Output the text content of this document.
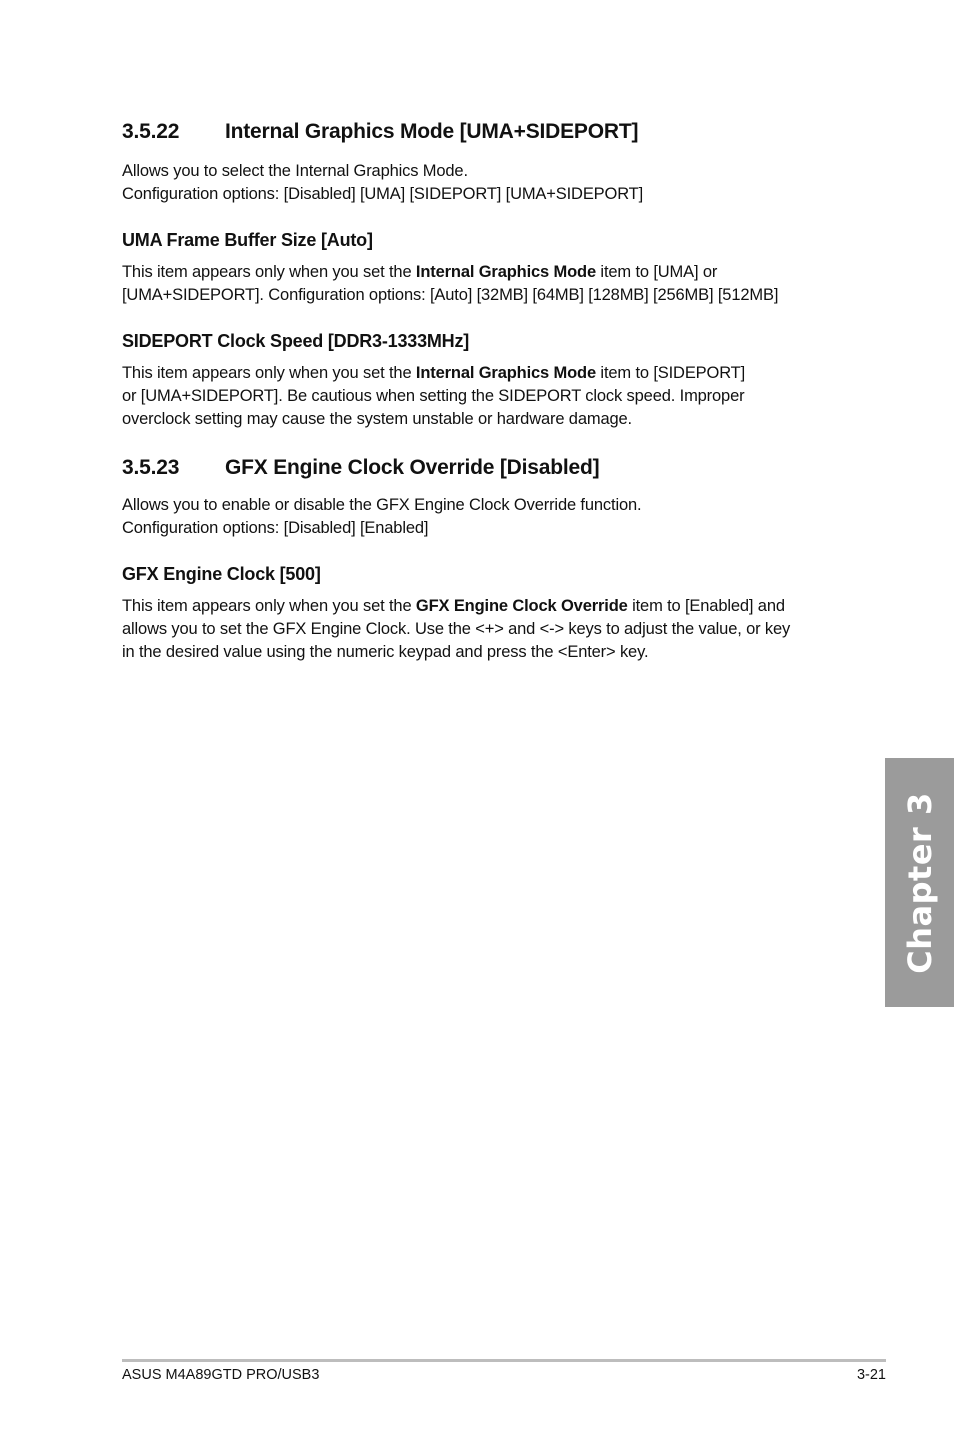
3.5.22 Internal Graphics Mode [UMA+SIDEPORT]

Allows you to select the Internal Graphics Mode.

Configuration options: [Disabled] [UMA] [SIDEPORT] [UMA+SIDEPORT]

UMA Frame Buffer Size [Auto]

This item appears only when you set the Internal Graphics Mode item to [UMA] or

[UMA+SIDEPORT]. Configuration options: [Auto] [32MB] [64MB] [128MB] [256MB] [512MB]

SIDEPORT Clock Speed [DDR3-1333MHz]

This item appears only when you set the Internal Graphics Mode item to [SIDEPORT]

or [UMA+SIDEPORT]. Be cautious when setting the SIDEPORT clock speed. Improper

overclock setting may cause the system unstable or hardware damage.

3.5.23 GFX Engine Clock Override [Disabled]

Allows you to enable or disable the GFX Engine Clock Override function.

Configuration options: [Disabled] [Enabled]

GFX Engine Clock [500]

This item appears only when you set the GFX Engine Clock Override item to [Enabled] and

allows you to set the GFX Engine Clock. Use the <+> and <-> keys to adjust the value, or key

in the desired value using the numeric keypad and press the <Enter> key.

Chapter 3
ASUS M4A89GTD PRO/USB3	3-21
